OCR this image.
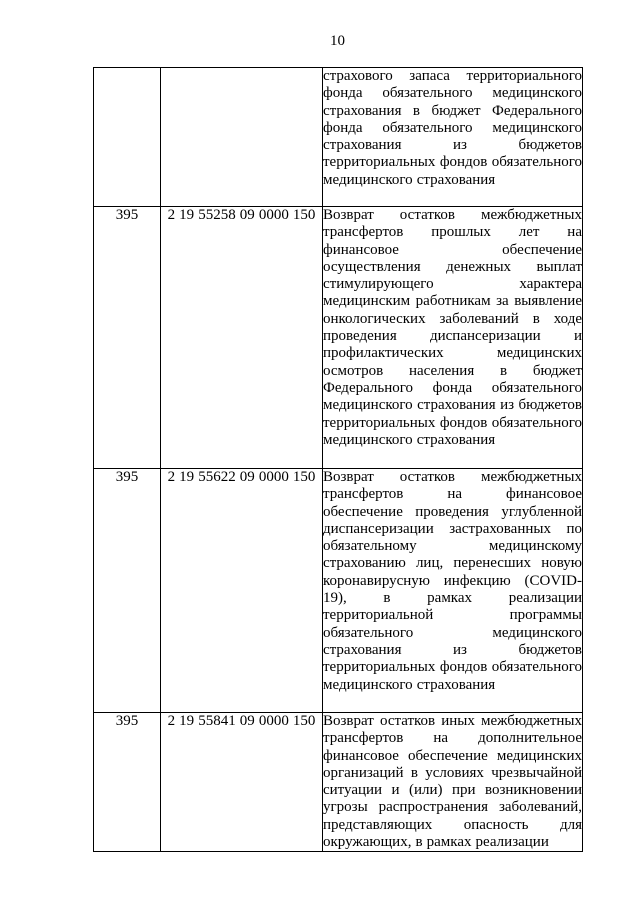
10
		страхового запаса территориального фонда обязательного медицинского страхования в бюджет Федерального фонда обязательного медицинского страхования из бюджетов территориальных фондов обязательного медицинского страхования
395	2 19 55258 09 0000 150	Возврат остатков межбюджетных трансфертов прошлых лет на финансовое обеспечение осуществления денежных выплат стимулирующего характера медицинским работникам за выявление онкологических заболеваний в ходе проведения диспансеризации и профилактических медицинских осмотров населения в бюджет Федерального фонда обязательного медицинского страхования из бюджетов территориальных фондов обязательного медицинского страхования
395	2 19 55622 09 0000 150	Возврат остатков межбюджетных трансфертов на финансовое обеспечение проведения углубленной диспансеризации застрахованных по обязательному медицинскому страхованию лиц, перенесших новую коронавирусную инфекцию (COVID-19), в рамках реализации территориальной программы обязательного медицинского страхования из бюджетов территориальных фондов обязательного медицинского страхования
395	2 19 55841 09 0000 150	Возврат остатков иных межбюджетных трансфертов на дополнительное финансовое обеспечение медицинских организаций в условиях чрезвычайной ситуации и (или) при возникновении угрозы распространения заболеваний, представляющих опасность для окружающих, в рамках реализации
